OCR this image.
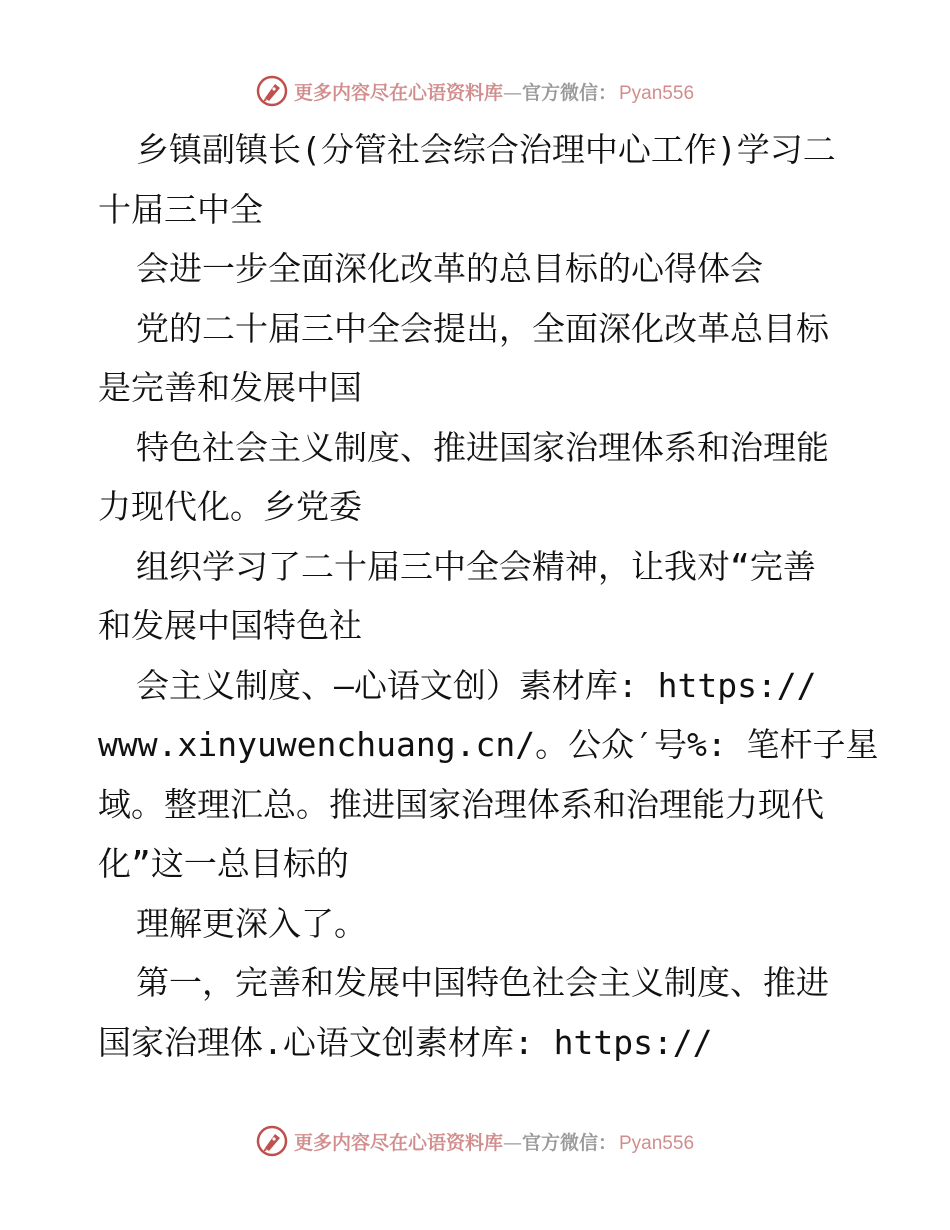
更多内容尽在心语资料库 — 官方微信： Pyan556
乡镇副镇长(分管社会综合治理中心工作)学习二
十届三中全
会进一步全面深化改革的总目标的心得体会
党的二十届三中全会提出，全面深化改革总目标
是完善和发展中国
特色社会主义制度、推进国家治理体系和治理能
力现代化。乡党委
组织学习了二十届三中全会精神，让我对“完善
和发展中国特色社
会主义制度、—心语文创）素材库: https://
www.xinyuwenchuang.cn/。公众′号%: 笔杆子星
域。整理汇总。推进国家治理体系和治理能力现代
化”这一总目标的
理解更深入了。
第一，完善和发展中国特色社会主义制度、推进
国家治理体.心语文创素材库: https://
更多内容尽在心语资料库 — 官方微信： Pyan556
